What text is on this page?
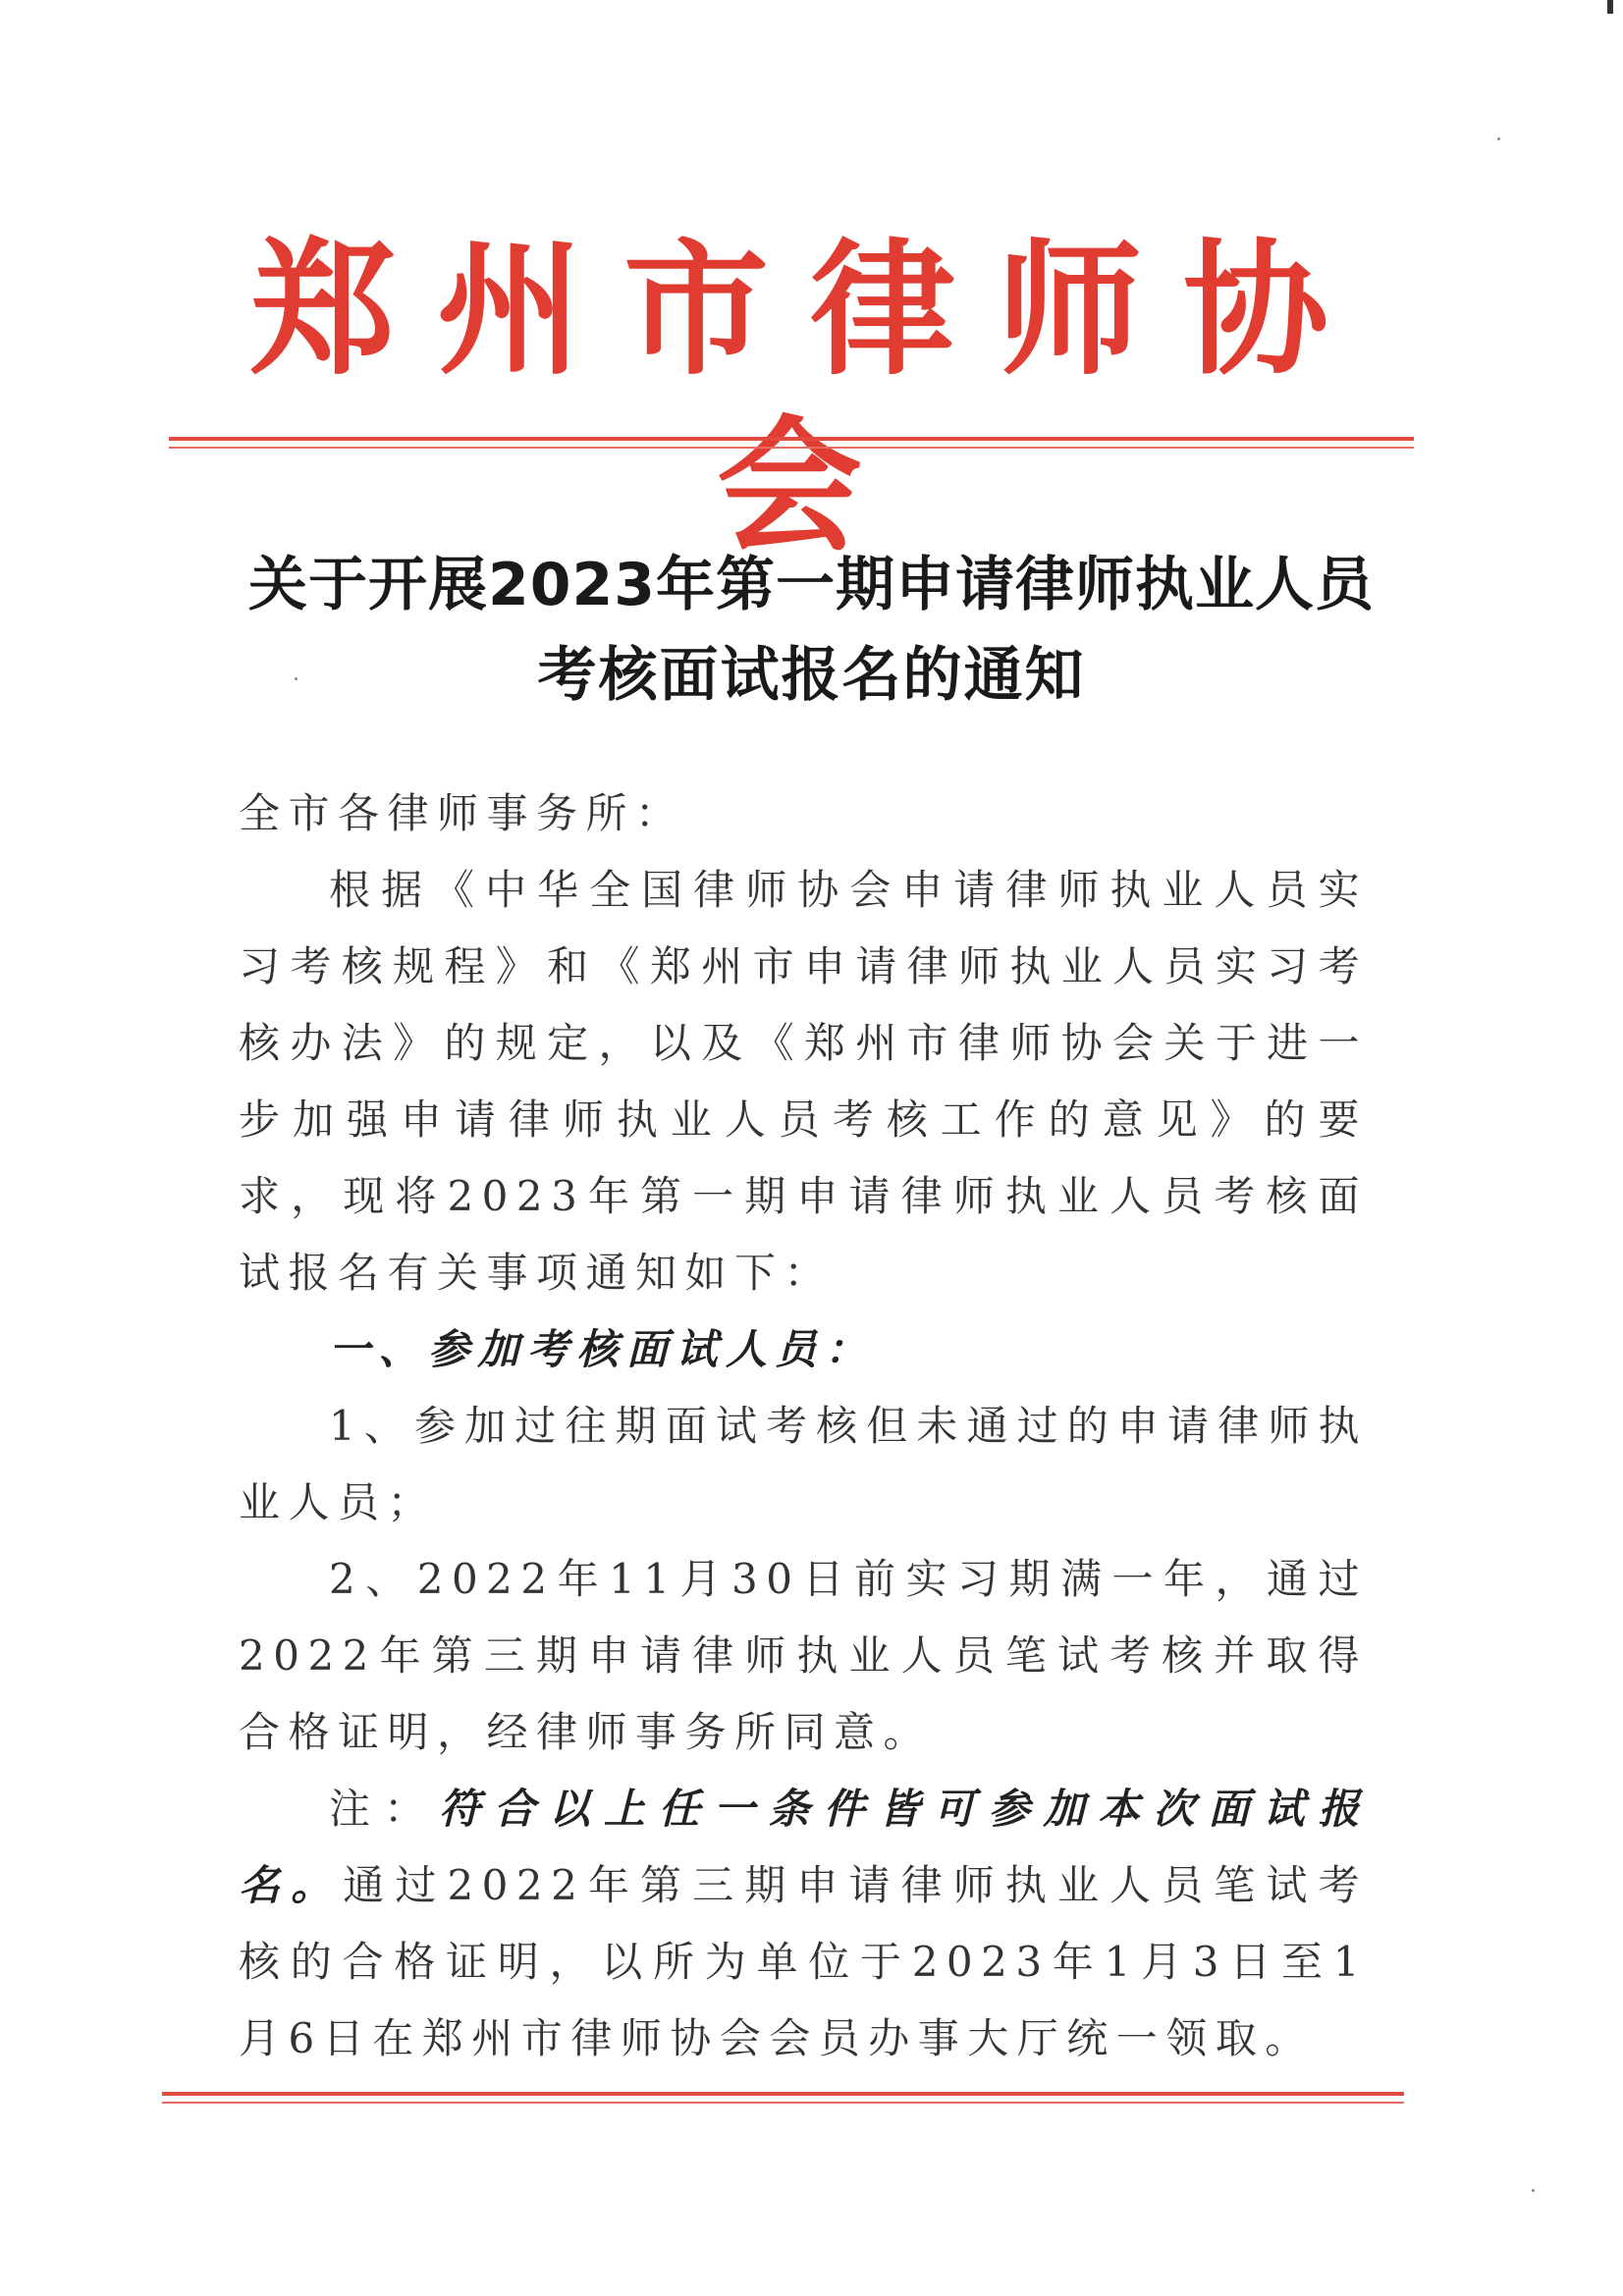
郑州市律师协会
关于开展2023年第一期申请律师执业人员
考核面试报名的通知

全市各律师事务所：

根据《中华全国律师协会申请律师执业人员实习考核规程》和《郑州市申请律师执业人员实习考核办法》的规定，以及《郑州市律师协会关于进一步加强申请律师执业人员考核工作的意见》的要求，现将2023年第一期申请律师执业人员考核面试报名有关事项通知如下：

一、参加考核面试人员：

1、参加过往期面试考核但未通过的申请律师执业人员；

2、2022年11月30日前实习期满一年，通过2022年第三期申请律师执业人员笔试考核并取得合格证明，经律师事务所同意。

注：符合以上任一条件皆可参加本次面试报名。通过2022年第三期申请律师执业人员笔试考核的合格证明，以所为单位于2023年1月3日至1月6日在郑州市律师协会会员办事大厅统一领取。
